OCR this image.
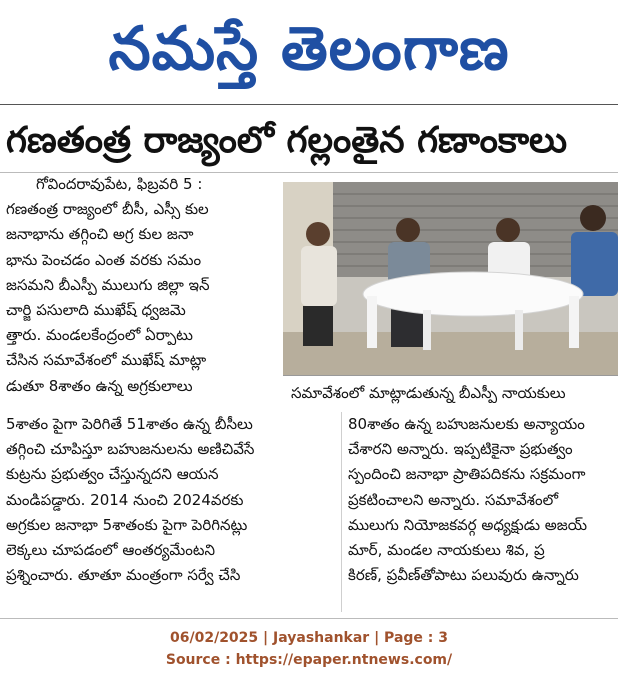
నమస్తే తెలంగాణ
గణతంత్ర రాజ్యంలో గల్లంతైన గణాంకాలు

గోవిందరావుపేట, ఫిబ్రవరి 5 :

గణతంత్ర రాజ్యంలో బీసీ, ఎస్సీ కుల

జనాభాను తగ్గించి అగ్ర కుల జనా

భాను పెంచడం ఎంత వరకు సమం

జసమని బీఎస్పీ ములుగు జిల్లా ఇన్

చార్జి పసులాది ముఖేష్ ధ్వజమె

త్తారు. మండలకేంద్రంలో ఏర్పాటు

చేసిన సమావేశంలో ముఖేష్ మాట్లా

డుతూ 8శాతం ఉన్న అగ్రకులాలు	సమావేశంలో మాట్లాడుతున్న బీఎస్పీ నాయకులు

5శాతం పైగా పెరిగితే 51శాతం ఉన్న బీసీలు

తగ్గించి చూపిస్తూ బహుజనులను అణిచివేసే

కుట్రను ప్రభుత్వం చేస్తున్నదని ఆయన

మండిపడ్డారు. 2014 నుంచి 2024వరకు

అగ్రకుల జనాభా 5శాతంకు పైగా పెరిగినట్లు

లెక్కలు చూపడంలో ఆంతర్యమేంటని

ప్రశ్నించారు. తూతూ మంత్రంగా సర్వే చేసి

80శాతం ఉన్న బహుజనులకు అన్యాయం

చేశారని అన్నారు. ఇప్పటికైనా ప్రభుత్వం

స్పందించి జనాభా ప్రాతిపదికను సక్రమంగా

ప్రకటించాలని అన్నారు. సమావేశంలో

ములుగు నియోజకవర్గ అధ్యక్షుడు అజయ్

మార్, మండల నాయకులు శివ, ప్ర

కిరణ్, ప్రవీణ్‌తోపాటు పలువురు ఉన్నారు

06/02/2025 | Jayashankar | Page : 3
Source : https://epaper.ntnews.com/
